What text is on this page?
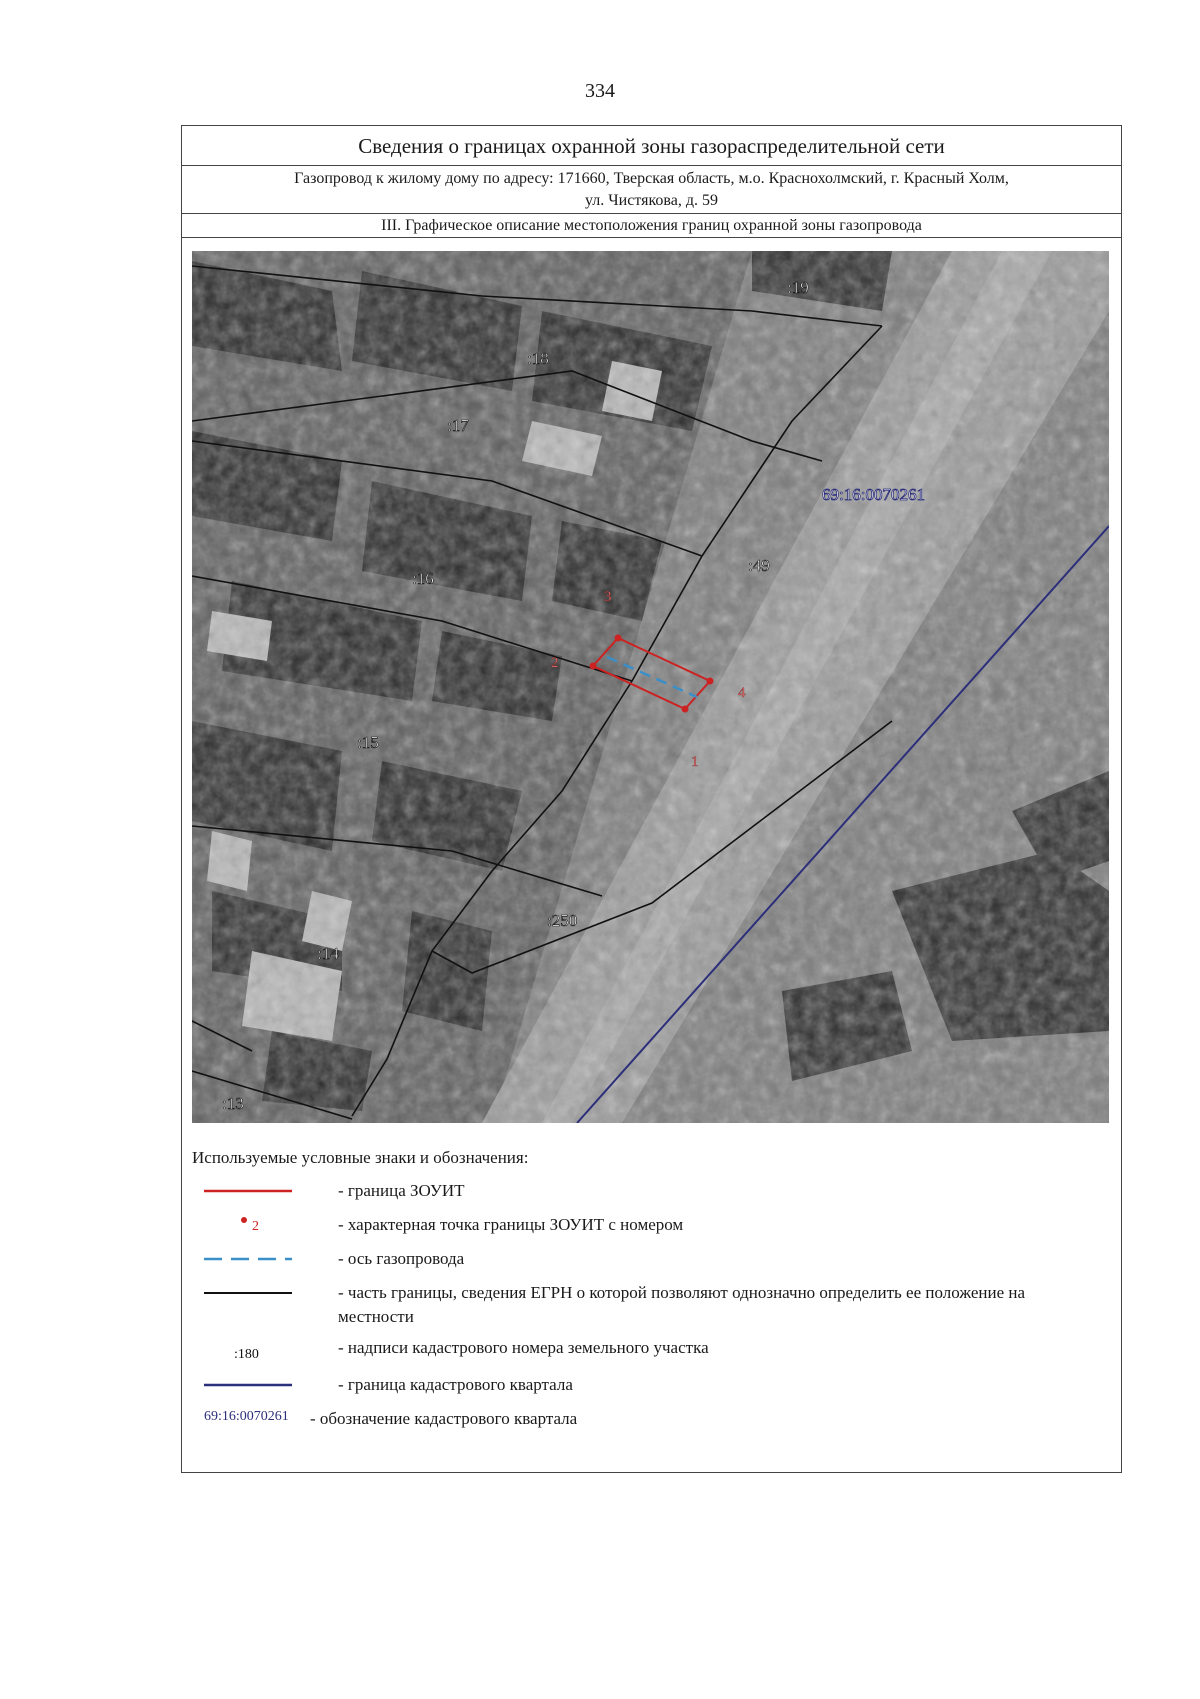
334
Сведения о границах охранной зоны газораспределительной сети
Газопровод к жилому дому по адресу: 171660, Тверская область, м.о. Краснохолмский, г. Красный Холм,
ул. Чистякова, д. 59
III. Графическое описание местоположения границ охранной зоны газопровода
:19
:18
:17
:16
:15
:14
:13
:49
:250
69:16:0070261
1
2
3
4
Используемые условные знаки и обозначения:
- граница ЗОУИТ
2	- характерная точка границы ЗОУИТ с номером
- ось газопровода
- часть границы, сведения ЕГРН о которой позволяют однозначно определить ее положение на местности
:180	- надписи кадастрового номера земельного участка
- граница кадастрового квартала
69:16:0070261 - обозначение кадастрового квартала
